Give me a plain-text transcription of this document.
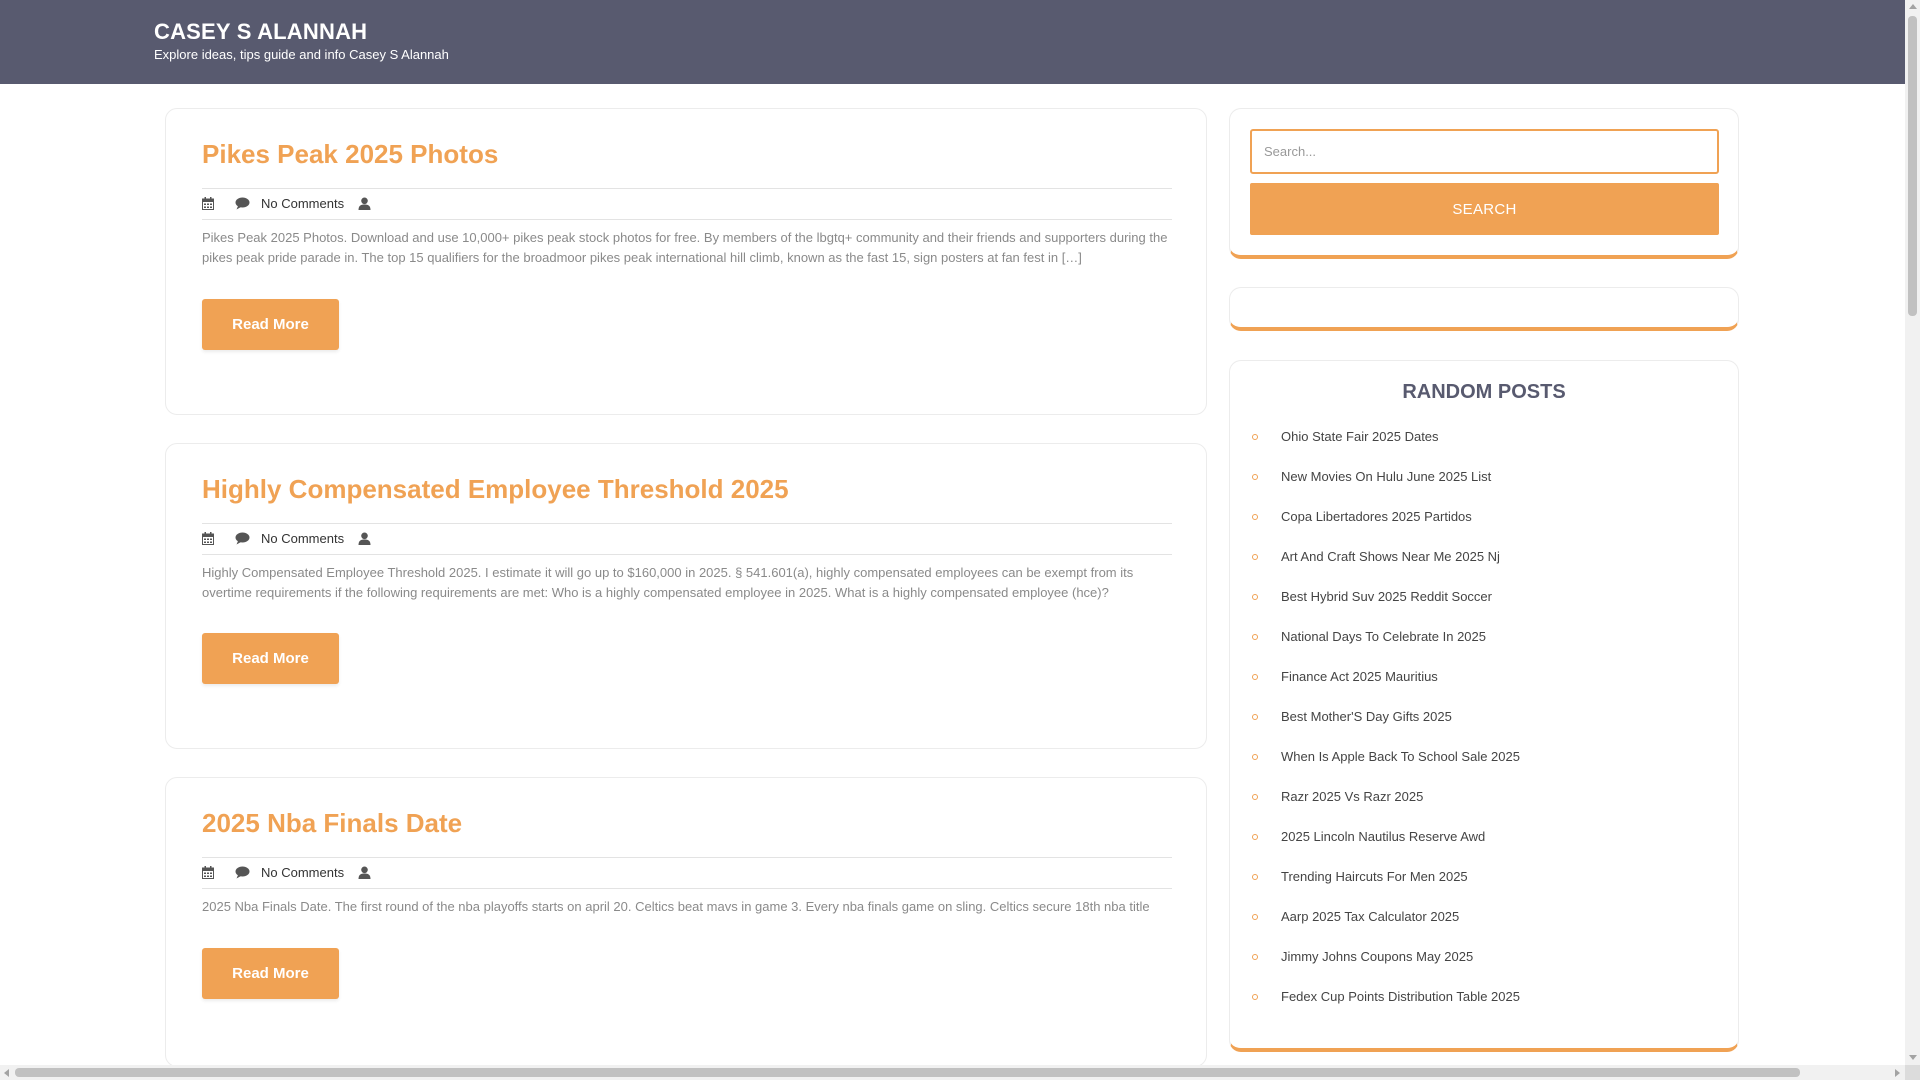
CASEY S ALANNAH
Explore ideas, tips guide and info Casey S Alannah
Pikes Peak 2025 Photos
No Comments

Pikes Peak 2025 Photos. Download and use 10,000+ pikes peak stock photos for free. By members of the lbgtq+ community and their friends and supporters during the pikes peak pride parade in. The top 15 qualifiers for the broadmoor pikes peak international hill climb, known as the fast 15, sign posters at fan fest in […]

Read More
Highly Compensated Employee Threshold 2025
No Comments

Highly Compensated Employee Threshold 2025. I estimate it will go up to $160,000 in 2025. § 541.601(a), highly compensated employees can be exempt from its overtime requirements if the following requirements are met: Who is a highly compensated employee in 2025. What is a highly compensated employee (hce)?

Read More
2025 Nba Finals Date
No Comments

2025 Nba Finals Date. The first round of the nba playoffs starts on april 20. Celtics beat mavs in game 3. Every nba finals game on sling. Celtics secure 18th nba title

Read More
Search...
SEARCH
RANDOM POSTS
Ohio State Fair 2025 Dates
New Movies On Hulu June 2025 List
Copa Libertadores 2025 Partidos
Art And Craft Shows Near Me 2025 Nj
Best Hybrid Suv 2025 Reddit Soccer
National Days To Celebrate In 2025
Finance Act 2025 Mauritius
Best Mother'S Day Gifts 2025
When Is Apple Back To School Sale 2025
Razr 2025 Vs Razr 2025
2025 Lincoln Nautilus Reserve Awd
Trending Haircuts For Men 2025
Aarp 2025 Tax Calculator 2025
Jimmy Johns Coupons May 2025
Fedex Cup Points Distribution Table 2025
